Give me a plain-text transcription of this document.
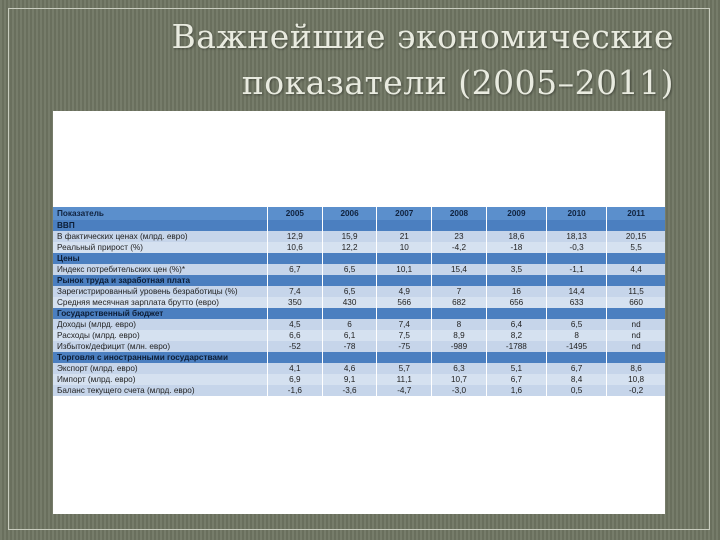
Важнейшие экономические
показатели (2005–2011)
Показатель	2005	2006	2007	2008	2009	2010	2011
ВВП							
В фактических ценах (млрд. евро)	12,9	15,9	21	23	18,6	18,13	20,15
Реальный прирост (%)	10,6	12,2	10	-4,2	-18	-0,3	5,5
Цены							
Индекс потребительских цен (%)*	6,7	6,5	10,1	15,4	3,5	-1,1	4,4
Рынок труда и заработная плата							
Зарегистрированный уровень безработицы (%)	7,4	6,5	4,9	7	16	14,4	11,5
Средняя месячная зарплата брутто (евро)	350	430	566	682	656	633	660
Государственный бюджет							
Доходы (млрд. евро)	4,5	6	7,4	8	6,4	6,5	nd
Расходы (млрд. евро)	6,6	6,1	7,5	8,9	8,2	8	nd
Избыток/дефицит (млн. евро)	-52	-78	-75	-989	-1788	-1495	nd
Торговля с иностранными государствами							
Экспорт (млрд. евро)	4,1	4,6	5,7	6,3	5,1	6,7	8,6
Импорт (млрд. евро)	6,9	9,1	11,1	10,7	6,7	8,4	10,8
Баланс текущего счета (млрд. евро)	-1,6	-3,6	-4,7	-3,0	1,6	0,5	-0,2
